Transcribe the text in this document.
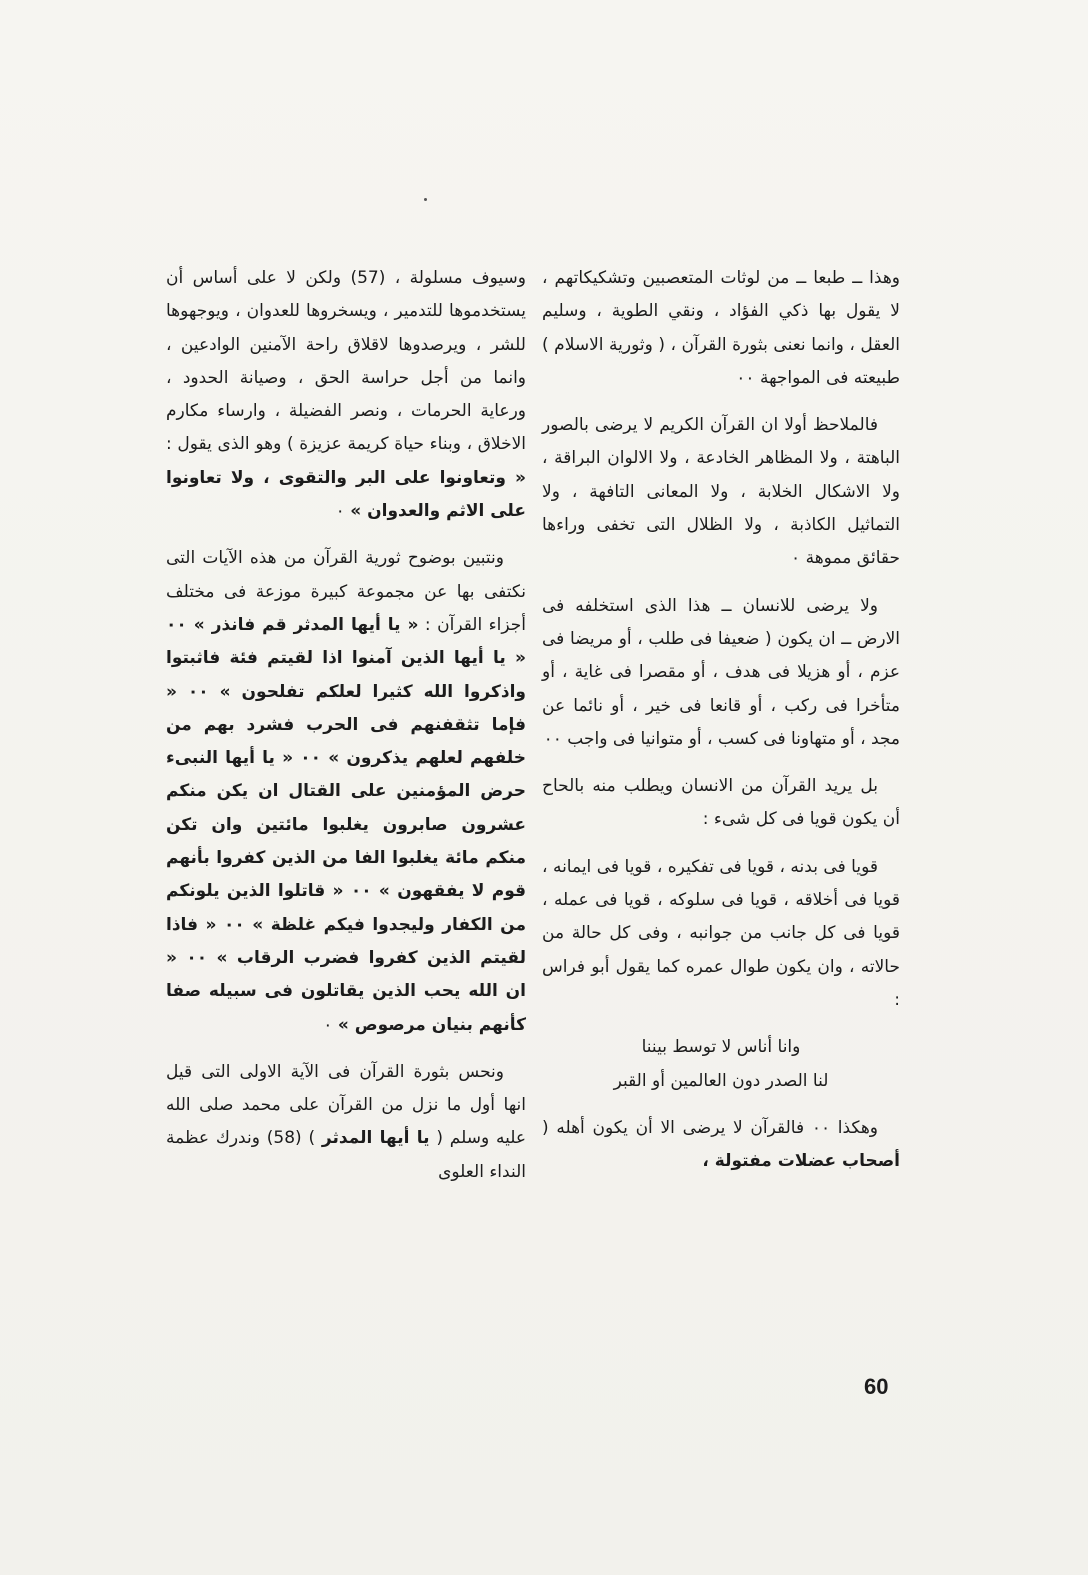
وهذا ــ طبعا ــ من لوثات المتعصبين وتشكيكاتهم ، لا يقول بها ذكي الفؤاد ، ونقي الطوية ، وسليم العقل ، وانما نعنى بثورة القرآن ، ( وثورية الاسلام ) طبيعته فى المواجهة ٠٠

فالملاحظ أولا ان القرآن الكريم لا يرضى بالصور الباهتة ، ولا المظاهر الخادعة ، ولا الالوان البراقة ، ولا الاشكال الخلابة ، ولا المعانى التافهة ، ولا التماثيل الكاذبة ، ولا الظلال التى تخفى وراءها حقائق مموهة ٠

ولا يرضى للانسان ــ هذا الذى استخلفه فى الارض ــ ان يكون ( ضعيفا فى طلب ، أو مريضا فى عزم ، أو هزيلا فى هدف ، أو مقصرا فى غاية ، أو متأخرا فى ركب ، أو قانعا فى خير ، أو نائما عن مجد ، أو متهاونا فى كسب ، أو متوانيا فى واجب ٠٠

بل يريد القرآن من الانسان ويطلب منه بالحاح أن يكون قويا فى كل شىء :

قويا فى بدنه ، قويا فى تفكيره ، قويا فى ايمانه ، قويا فى أخلاقه ، قويا فى سلوكه ، قويا فى عمله ، قويا فى كل جانب من جوانبه ، وفى كل حالة من حالاته ، وان يكون طوال عمره كما يقول أبو فراس :

وانا أناس لا توسط بيننا

لنا الصدر دون العالمين أو القبر

وهكذا ٠٠ فالقرآن لا يرضى الا أن يكون أهله ( أصحاب عضلات مفتولة ،

وسيوف مسلولة ، (57) ولكن لا على أساس أن يستخدموها للتدمير ، ويسخروها للعدوان ، ويوجهوها للشر ، ويرصدوها لاقلاق راحة الآمنين الوادعين ، وانما من أجل حراسة الحق ، وصيانة الحدود ، ورعاية الحرمات ، ونصر الفضيلة ، وارساء مكارم الاخلاق ، وبناء حياة كريمة عزيزة ) وهو الذى يقول : « وتعاونوا على البر والتقوى ، ولا تعاونوا على الاثم والعدوان » ٠

ونتبين بوضوح ثورية القرآن من هذه الآيات التى نكتفى بها عن مجموعة كبيرة موزعة فى مختلف أجزاء القرآن : « يا أيها المدثر قم فانذر » ٠٠ « يا أيها الذين آمنوا اذا لقيتم فئة فاثبتوا واذكروا الله كثيرا لعلكم تفلحون » ٠٠ « فإما تثقفنهم فى الحرب فشرد بهم من خلفهم لعلهم يذكرون » ٠٠ « يا أيها النبىء حرض المؤمنين على القتال ان يكن منكم عشرون صابرون يغلبوا مائتين وان تكن منكم مائة يغلبوا الفا من الذين كفروا بأنهم قوم لا يفقهون » ٠٠ « قاتلوا الذين يلونكم من الكفار وليجدوا فيكم غلظة » ٠٠ « فاذا لقيتم الذين كفروا فضرب الرقاب » ٠٠ « ان الله يحب الذين يقاتلون فى سبيله صفا كأنهم بنيان مرصوص » ٠

ونحس بثورة القرآن فى الآية الاولى التى قيل انها أول ما نزل من القرآن على محمد صلى الله عليه وسلم ( يا أيها المدثر ) (58) وندرك عظمة النداء العلوى

60
